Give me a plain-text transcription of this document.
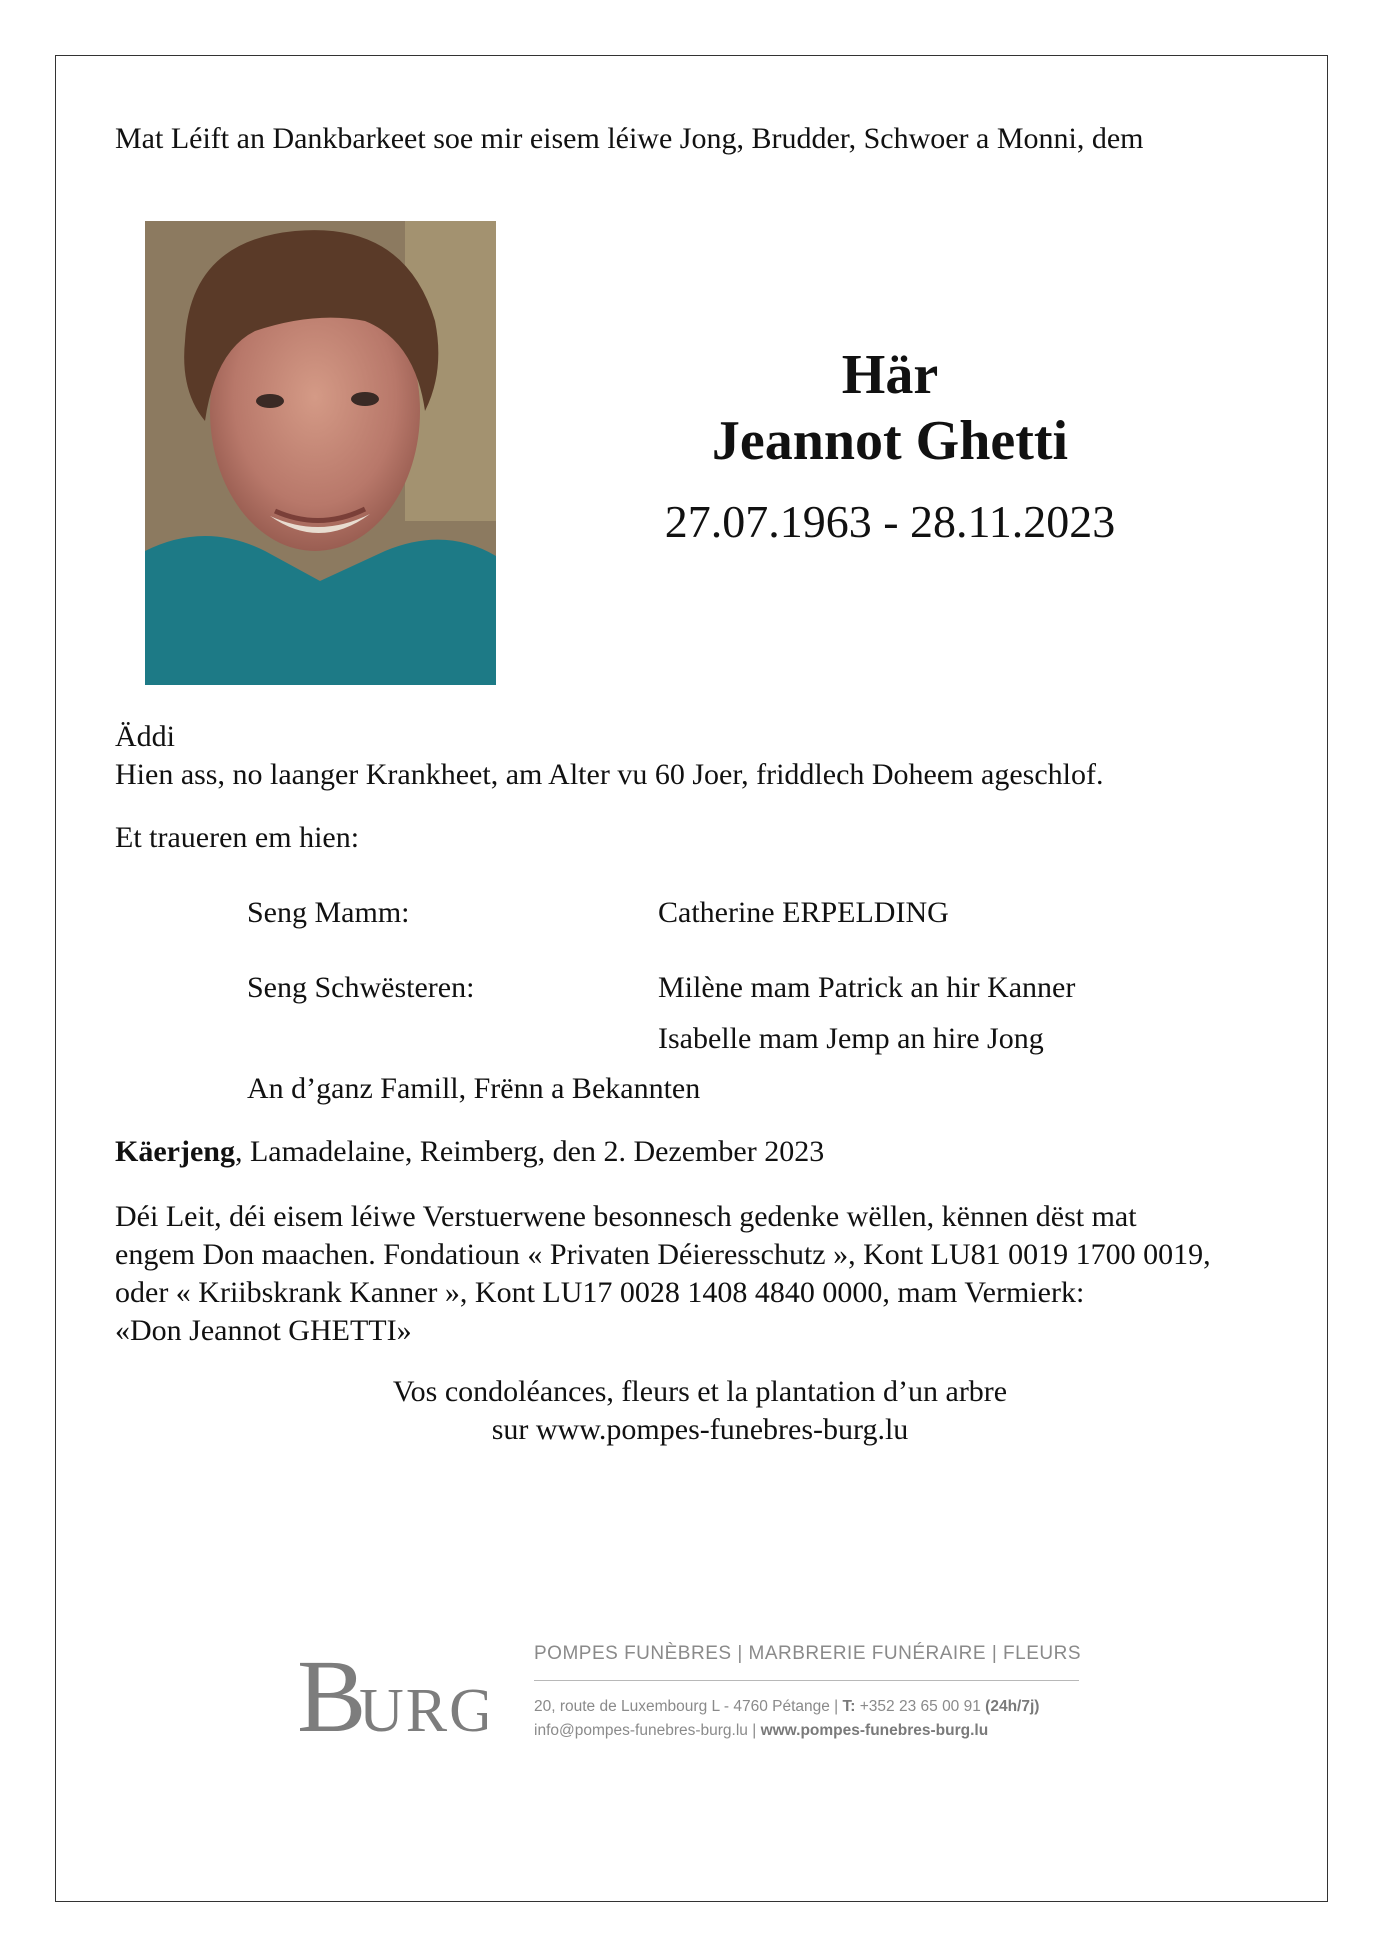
Mat Léift an Dankbarkeet soe mir eisem léiwe Jong, Brudder, Schwoer a Monni, dem
Här
Jeannot Ghetti
27.07.1963 - 28.11.2023
Äddi
Hien ass, no laanger Krankheet, am Alter vu 60 Joer, friddlech Doheem ageschlof.
Et traueren em hien:
Seng Mamm:	Catherine ERPELDING
Seng Schwësteren:	Milène mam Patrick an hir Kanner
Isabelle mam Jemp an hire Jong
An d’ganz Famill, Frënn a Bekannten
Käerjeng, Lamadelaine, Reimberg, den 2. Dezember 2023
Déi Leit, déi eisem léiwe Verstuerwene besonnesch gedenke wëllen, kënnen dëst mat
engem Don maachen. Fondatioun « Privaten Déieresschutz », Kont LU81 0019 1700 0019,
oder « Kriibskrank Kanner », Kont LU17 0028 1408 4840 0000, mam Vermierk:
«Don Jeannot GHETTI»
Vos condoléances, fleurs et la plantation d’un arbre
sur www.pompes-funebres-burg.lu
B
URG
POMPES FUNÈBRES | MARBRERIE FUNÉRAIRE | FLEURS
20, route de Luxembourg L - 4760 Pétange | T: +352 23 65 00 91 (24h/7j)
info@pompes-funebres-burg.lu | www.pompes-funebres-burg.lu
